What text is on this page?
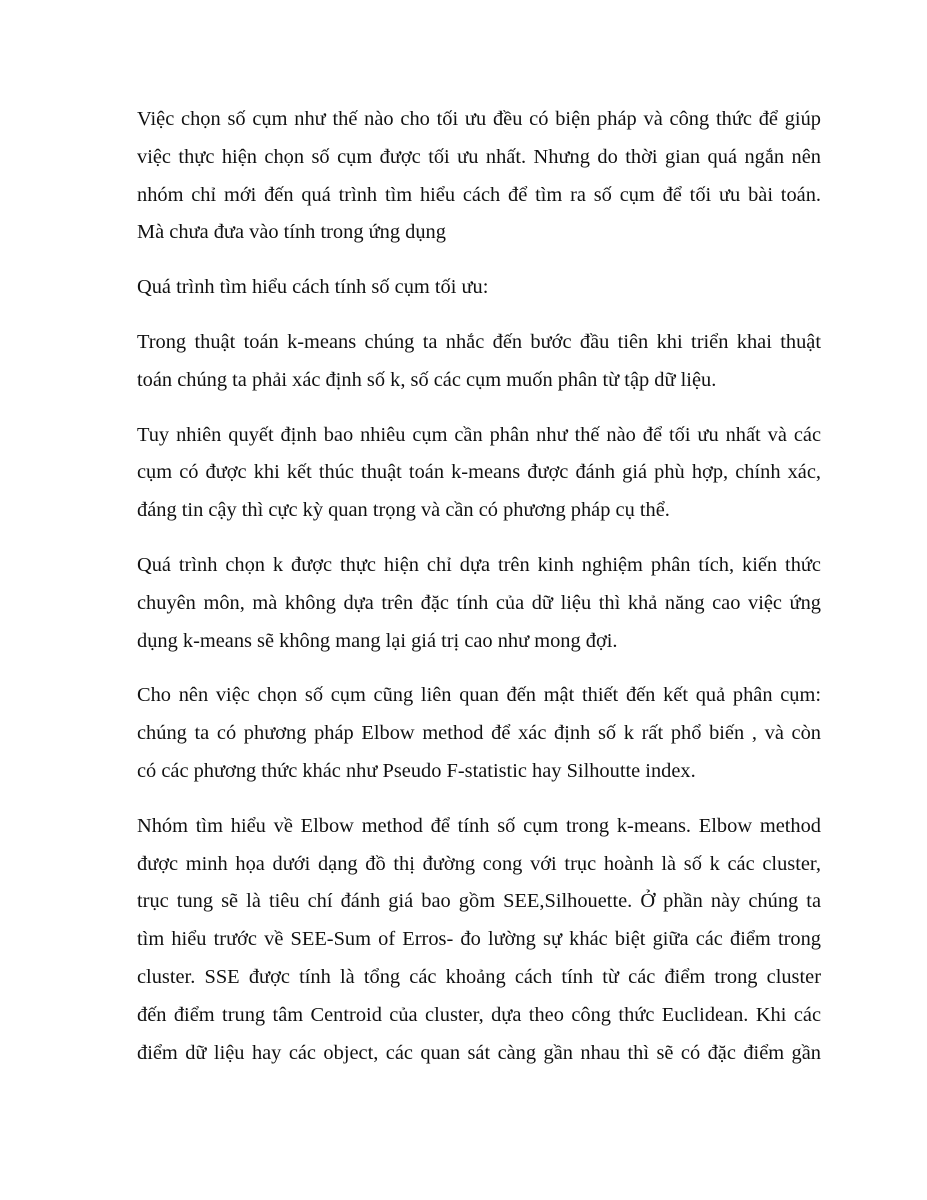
Việc chọn số cụm như thế nào cho tối ưu đều có biện pháp và công thức để giúp
việc thực hiện chọn số cụm được tối ưu nhất. Nhưng do thời gian quá ngắn nên
nhóm chỉ mới đến quá trình tìm hiểu cách để tìm ra số cụm để tối ưu bài toán.
Mà chưa đưa vào tính trong ứng dụng

Quá trình tìm hiểu cách tính số cụm tối ưu:

Trong thuật toán k-means chúng ta nhắc đến bước đầu tiên khi triển khai thuật
toán chúng ta phải xác định số k, số các cụm muốn phân từ tập dữ liệu.

Tuy nhiên quyết định bao nhiêu cụm cần phân như thế nào để tối ưu nhất và các
cụm có được khi kết thúc thuật toán k-means được đánh giá phù hợp, chính xác,
đáng tin cậy thì cực kỳ quan trọng và cần có phương pháp cụ thể.

Quá trình chọn k được thực hiện chỉ dựa trên kinh nghiệm phân tích, kiến thức
chuyên môn, mà không dựa trên đặc tính của dữ liệu thì khả năng cao việc ứng
dụng k-means sẽ không mang lại giá trị cao như mong đợi.

Cho nên việc chọn số cụm cũng liên quan đến mật thiết đến kết quả phân cụm:
chúng ta có phương pháp Elbow method để xác định số k rất phổ biến , và còn
có các phương thức khác như Pseudo F-statistic hay Silhoutte index.

Nhóm tìm hiểu về Elbow method để tính số cụm trong k-means. Elbow method
được minh họa dưới dạng đồ thị đường cong với trục hoành là số k các cluster,
trục tung sẽ là tiêu chí đánh giá bao gồm SEE,Silhouette. Ở phần này chúng ta
tìm hiểu trước về SEE-Sum of Erros- đo lường sự khác biệt giữa các điểm trong
cluster. SSE được tính là tổng các khoảng cách tính từ các điểm trong cluster
đến điểm trung tâm Centroid của cluster, dựa theo công thức Euclidean. Khi các
điểm dữ liệu hay các object, các quan sát càng gần nhau thì sẽ có đặc điểm gần
